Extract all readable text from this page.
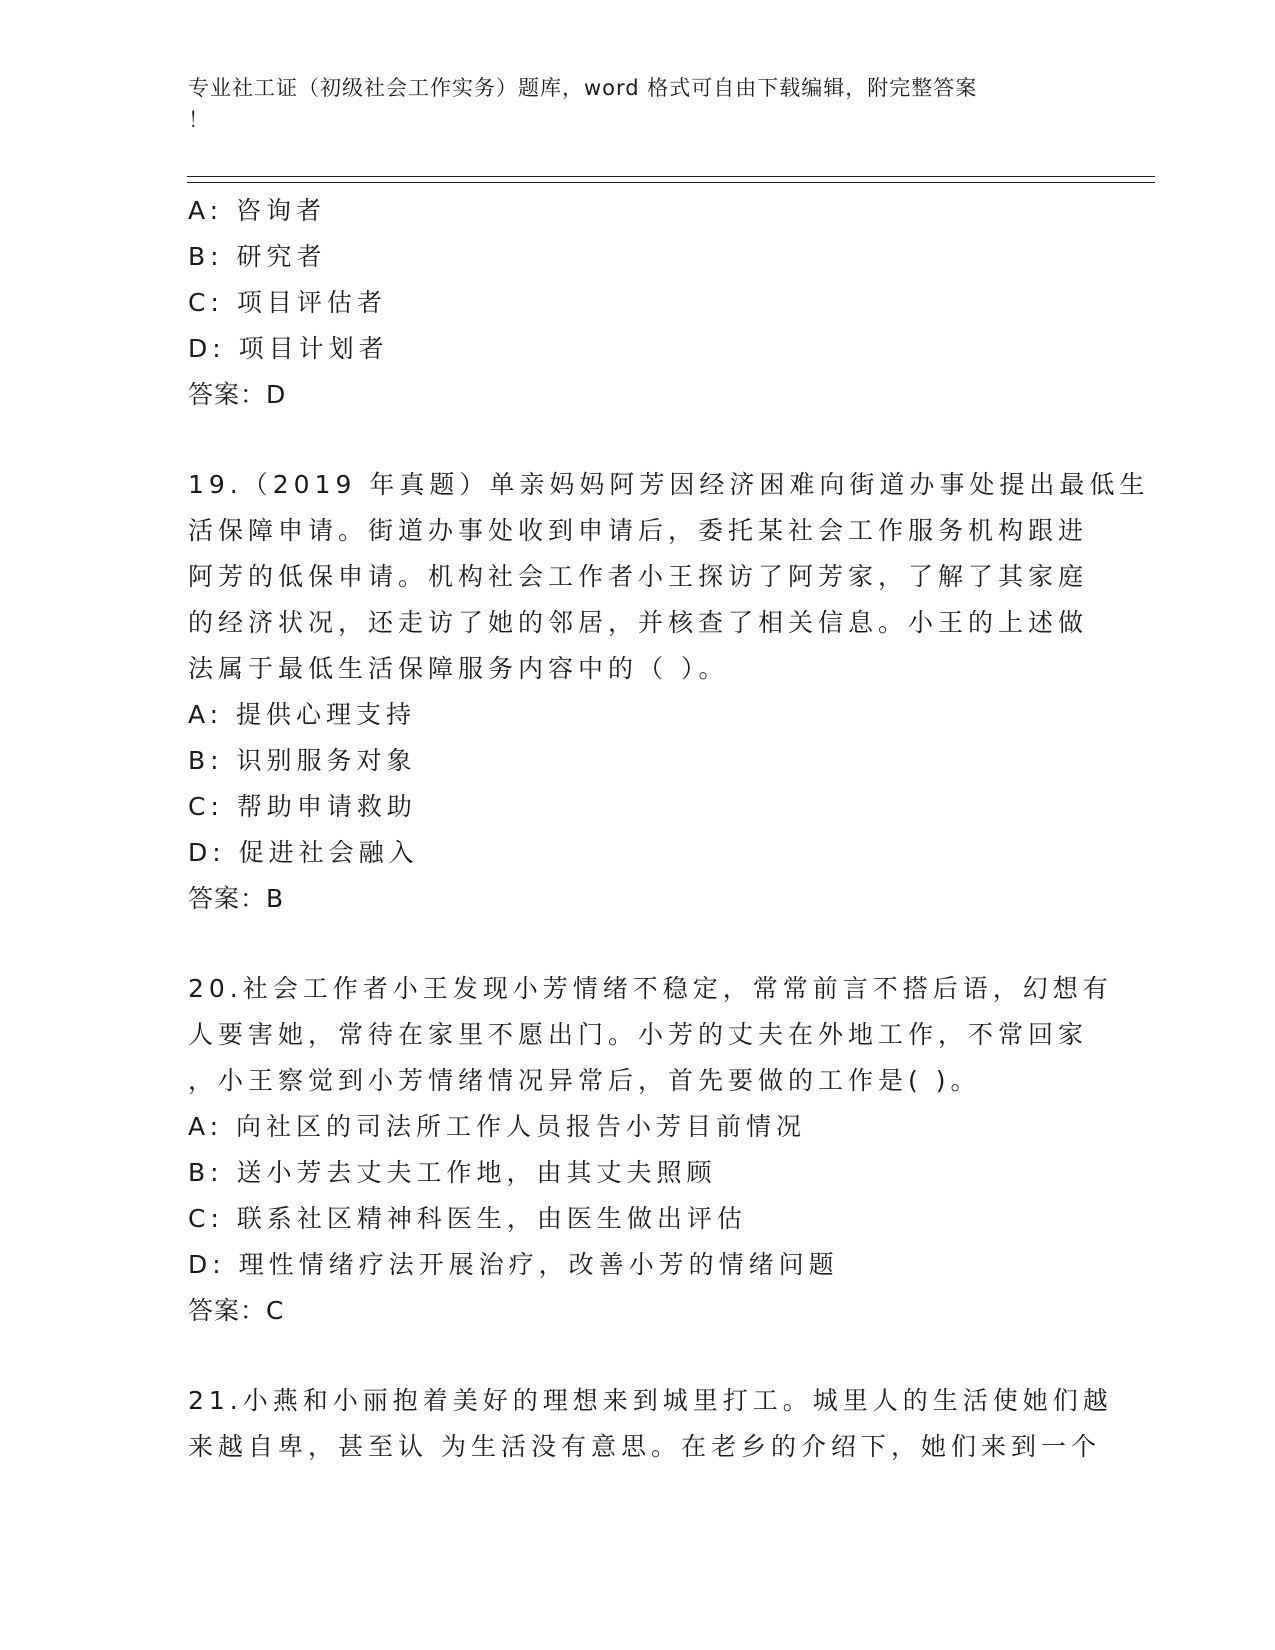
专业社工证（初级社会工作实务）题库，word 格式可自由下载编辑，附完整答案
！
A: 咨询者
B: 研究者
C: 项目评估者
D: 项目计划者
答案：D
19.（2019 年真题）单亲妈妈阿芳因经济困难向街道办事处提出最低生
活保障申请。街道办事处收到申请后，委托某社会工作服务机构跟进
阿芳的低保申请。机构社会工作者小王探访了阿芳家，了解了其家庭
的经济状况，还走访了她的邻居，并核查了相关信息。小王的上述做
法属于最低生活保障服务内容中的（ ）。
A: 提供心理支持
B: 识别服务对象
C: 帮助申请救助
D: 促进社会融入
答案：B
20.社会工作者小王发现小芳情绪不稳定，常常前言不搭后语，幻想有
人要害她，常待在家里不愿出门。小芳的丈夫在外地工作，不常回家
，小王察觉到小芳情绪情况异常后，首先要做的工作是( )。
A: 向社区的司法所工作人员报告小芳目前情况
B: 送小芳去丈夫工作地，由其丈夫照顾
C: 联系社区精神科医生，由医生做出评估
D: 理性情绪疗法开展治疗，改善小芳的情绪问题
答案：C
21.小燕和小丽抱着美好的理想来到城里打工。城里人的生活使她们越
来越自卑，甚至认 为生活没有意思。在老乡的介绍下，她们来到一个
